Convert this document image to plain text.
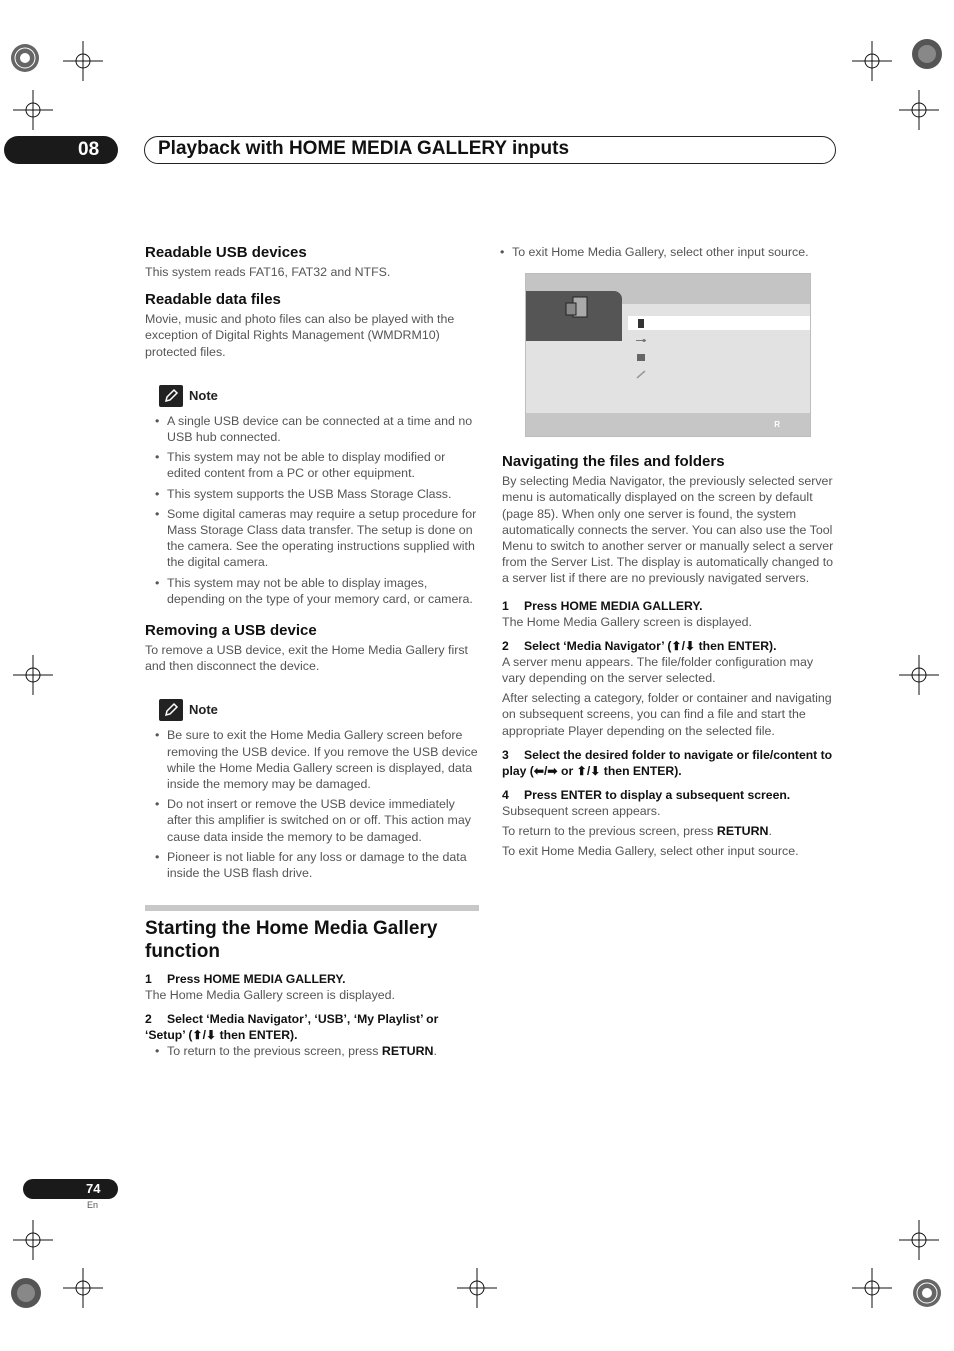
08	Playback with HOME MEDIA GALLERY inputs
Readable USB devices

This system reads FAT16, FAT32 and NTFS.

Readable data files

Movie, music and photo files can also be played with the exception of Digital Rights Management (WMDRM10) protected files.

Note
• A single USB device can be connected at a time and no USB hub connected.
• This system may not be able to display modified or edited content from a PC or other equipment.
• This system supports the USB Mass Storage Class.
• Some digital cameras may require a setup procedure for Mass Storage Class data transfer. The setup is done on the camera. See the operating instructions supplied with the digital camera.
• This system may not be able to display images, depending on the type of your memory card, or camera.
Removing a USB device

To remove a USB device, exit the Home Media Gallery first and then disconnect the device.

Note
• Be sure to exit the Home Media Gallery screen before removing the USB device. If you remove the USB device while the Home Media Gallery screen is displayed, data inside the memory may be damaged.
• Do not insert or remove the USB device immediately after this amplifier is switched on or off. This action may cause data inside the memory to be damaged.
• Pioneer is not liable for any loss or damage to the data inside the USB flash drive.
Starting the Home Media Gallery function
1 Press HOME MEDIA GALLERY.

The Home Media Gallery screen is displayed.

2 Select ‘Media Navigator’, ‘USB’, ‘My Playlist’ or ‘Setup’ (⬆/⬇ then ENTER).
• To return to the previous screen, press RETURN.
• To exit Home Media Gallery, select other input source.
R
Navigating the files and folders

By selecting Media Navigator, the previously selected server menu is automatically displayed on the screen by default (page 85). When only one server is found, the system automatically connects the server. You can also use the Tool Menu to switch to another server or manually select a server from the Server List. The display is automatically changed to a server list if there are no previously navigated servers.

1 Press HOME MEDIA GALLERY.

The Home Media Gallery screen is displayed.

2 Select ‘Media Navigator’ (⬆/⬇ then ENTER).

A server menu appears. The file/folder configuration may vary depending on the server selected.

After selecting a category, folder or container and navigating on subsequent screens, you can find a file and start the appropriate Player depending on the selected file.

3 Select the desired folder to navigate or file/content to play (⬅/➡ or ⬆/⬇ then ENTER).
4 Press ENTER to display a subsequent screen.

Subsequent screen appears.

To return to the previous screen, press RETURN.

To exit Home Media Gallery, select other input source.

74
En
